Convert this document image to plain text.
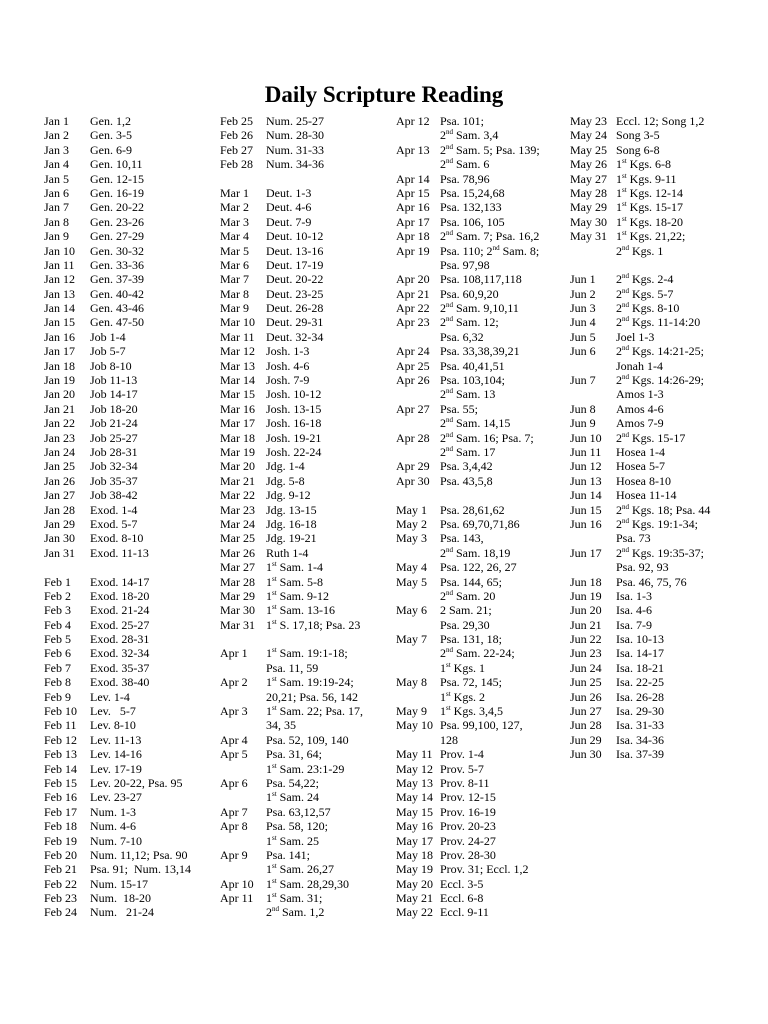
Daily Scripture Reading
Jan 1 Gen. 1,2
Jan 2 Gen. 3-5
Jan 3 Gen. 6-9
Jan 4 Gen. 10,11
Jan 5 Gen. 12-15
Jan 6 Gen. 16-19
Jan 7 Gen. 20-22
Jan 8 Gen. 23-26
Jan 9 Gen. 27-29
Jan 10 Gen. 30-32
Jan 11 Gen. 33-36
Jan 12 Gen. 37-39
Jan 13 Gen. 40-42
Jan 14 Gen. 43-46
Jan 15 Gen. 47-50
Jan 16 Job 1-4
Jan 17 Job 5-7
Jan 18 Job 8-10
Jan 19 Job 11-13
Jan 20 Job 14-17
Jan 21 Job 18-20
Jan 22 Job 21-24
Jan 23 Job 25-27
Jan 24 Job 28-31
Jan 25 Job 32-34
Jan 26 Job 35-37
Jan 27 Job 38-42
Jan 28 Exod. 1-4
Jan 29 Exod. 5-7
Jan 30 Exod. 8-10
Jan 31 Exod. 11-13
Feb 1 Exod. 14-17
Feb 2 Exod. 18-20
Feb 3 Exod. 21-24
Feb 4 Exod. 25-27
Feb 5 Exod. 28-31
Feb 6 Exod. 32-34
Feb 7 Exod. 35-37
Feb 8 Exod. 38-40
Feb 9 Lev. 1-4
Feb 10 Lev.   5-7
Feb 11 Lev. 8-10
Feb 12 Lev. 11-13
Feb 13 Lev. 14-16
Feb 14 Lev. 17-19
Feb 15 Lev. 20-22, Psa. 95
Feb 16 Lev. 23-27
Feb 17 Num. 1-3
Feb 18 Num. 4-6
Feb 19 Num. 7-10
Feb 20 Num. 11,12; Psa. 90
Feb 21 Psa. 91;  Num. 13,14
Feb 22 Num. 15-17
Feb 23 Num.  18-20
Feb 24 Num.   21-24
Feb 25 Num. 25-27
Feb 26 Num. 28-30
Feb 27 Num. 31-33
Feb 28 Num. 34-36
Mar 1 Deut. 1-3
Mar 2 Deut. 4-6
Mar 3 Deut. 7-9
Mar 4 Deut. 10-12
Mar 5 Deut. 13-16
Mar 6 Deut. 17-19
Mar 7 Deut. 20-22
Mar 8 Deut. 23-25
Mar 9 Deut. 26-28
Mar 10 Deut. 29-31
Mar 11 Deut. 32-34
Mar 12 Josh. 1-3
Mar 13 Josh. 4-6
Mar 14 Josh. 7-9
Mar 15 Josh. 10-12
Mar 16 Josh. 13-15
Mar 17 Josh. 16-18
Mar 18 Josh. 19-21
Mar 19 Josh. 22-24
Mar 20 Jdg. 1-4
Mar 21 Jdg. 5-8
Mar 22 Jdg. 9-12
Mar 23 Jdg. 13-15
Mar 24 Jdg. 16-18
Mar 25 Jdg. 19-21
Mar 26 Ruth 1-4
Mar 27 1st Sam. 1-4
Mar 28 1st Sam. 5-8
Mar 29 1st Sam. 9-12
Mar 30 1st Sam. 13-16
Mar 31 1st S. 17,18; Psa. 23
Apr 1 1st Sam. 19:1-18;
Psa. 11, 59
Apr 2 1st Sam. 19:19-24;
20,21; Psa. 56, 142
Apr 3 1st Sam. 22; Psa. 17,
34, 35
Apr 4 Psa. 52, 109, 140
Apr 5 Psa. 31, 64;
1st Sam. 23:1-29
Apr 6 Psa. 54,22;
1st Sam. 24
Apr 7 Psa. 63,12,57
Apr 8 Psa. 58, 120;
1st Sam. 25
Apr 9 Psa. 141;
1st Sam. 26,27
Apr 10 1st Sam. 28,29,30
Apr 11 1st Sam. 31;
2nd Sam. 1,2
Apr 12 Psa. 101;
2nd Sam. 3,4
Apr 13 2nd Sam. 5; Psa. 139;
2nd Sam. 6
Apr 14 Psa. 78,96
Apr 15 Psa. 15,24,68
Apr 16 Psa. 132,133
Apr 17 Psa. 106, 105
Apr 18 2nd Sam. 7; Psa. 16,2
Apr 19 Psa. 110; 2nd Sam. 8;
Psa. 97,98
Apr 20 Psa. 108,117,118
Apr 21 Psa. 60,9,20
Apr 22 2nd Sam. 9,10,11
Apr 23 2nd Sam. 12;
Psa. 6,32
Apr 24 Psa. 33,38,39,21
Apr 25 Psa. 40,41,51
Apr 26 Psa. 103,104;
2nd Sam. 13
Apr 27 Psa. 55;
2nd Sam. 14,15
Apr 28 2nd Sam. 16; Psa. 7;
2nd Sam. 17
Apr 29 Psa. 3,4,42
Apr 30 Psa. 43,5,8
May 1 Psa. 28,61,62
May 2 Psa. 69,70,71,86
May 3 Psa. 143,
2nd Sam. 18,19
May 4 Psa. 122, 26, 27
May 5 Psa. 144, 65;
2nd Sam. 20
May 6 2 Sam. 21;
Psa. 29,30
May 7 Psa. 131, 18;
2nd Sam. 22-24;
1st Kgs. 1
May 8 Psa. 72, 145;
1st Kgs. 2
May 9 1st Kgs. 3,4,5
May 10 Psa. 99,100, 127,
128
May 11 Prov. 1-4
May 12 Prov. 5-7
May 13 Prov. 8-11
May 14 Prov. 12-15
May 15 Prov. 16-19
May 16 Prov. 20-23
May 17 Prov. 24-27
May 18 Prov. 28-30
May 19 Prov. 31; Eccl. 1,2
May 20 Eccl. 3-5
May 21 Eccl. 6-8
May 22 Eccl. 9-11
May 23 Eccl. 12; Song 1,2
May 24 Song 3-5
May 25 Song 6-8
May 26 1st Kgs. 6-8
May 27 1st Kgs. 9-11
May 28 1st Kgs. 12-14
May 29 1st Kgs. 15-17
May 30 1st Kgs. 18-20
May 31 1st Kgs. 21,22;
2nd Kgs. 1
Jun 1 2nd Kgs. 2-4
Jun 2 2nd Kgs. 5-7
Jun 3 2nd Kgs. 8-10
Jun 4 2nd Kgs. 11-14:20
Jun 5 Joel 1-3
Jun 6 2nd Kgs. 14:21-25;
Jonah 1-4
Jun 7 2nd Kgs. 14:26-29;
Amos 1-3
Jun 8 Amos 4-6
Jun 9 Amos 7-9
Jun 10 2nd Kgs. 15-17
Jun 11 Hosea 1-4
Jun 12 Hosea 5-7
Jun 13 Hosea 8-10
Jun 14 Hosea 11-14
Jun 15 2nd Kgs. 18; Psa. 44
Jun 16 2nd Kgs. 19:1-34;
Psa. 73
Jun 17 2nd Kgs. 19:35-37;
Psa. 92, 93
Jun 18 Psa. 46, 75, 76
Jun 19 Isa. 1-3
Jun 20 Isa. 4-6
Jun 21 Isa. 7-9
Jun 22 Isa. 10-13
Jun 23 Isa. 14-17
Jun 24 Isa. 18-21
Jun 25 Isa. 22-25
Jun 26 Isa. 26-28
Jun 27 Isa. 29-30
Jun 28 Isa. 31-33
Jun 29 Isa. 34-36
Jun 30 Isa. 37-39
